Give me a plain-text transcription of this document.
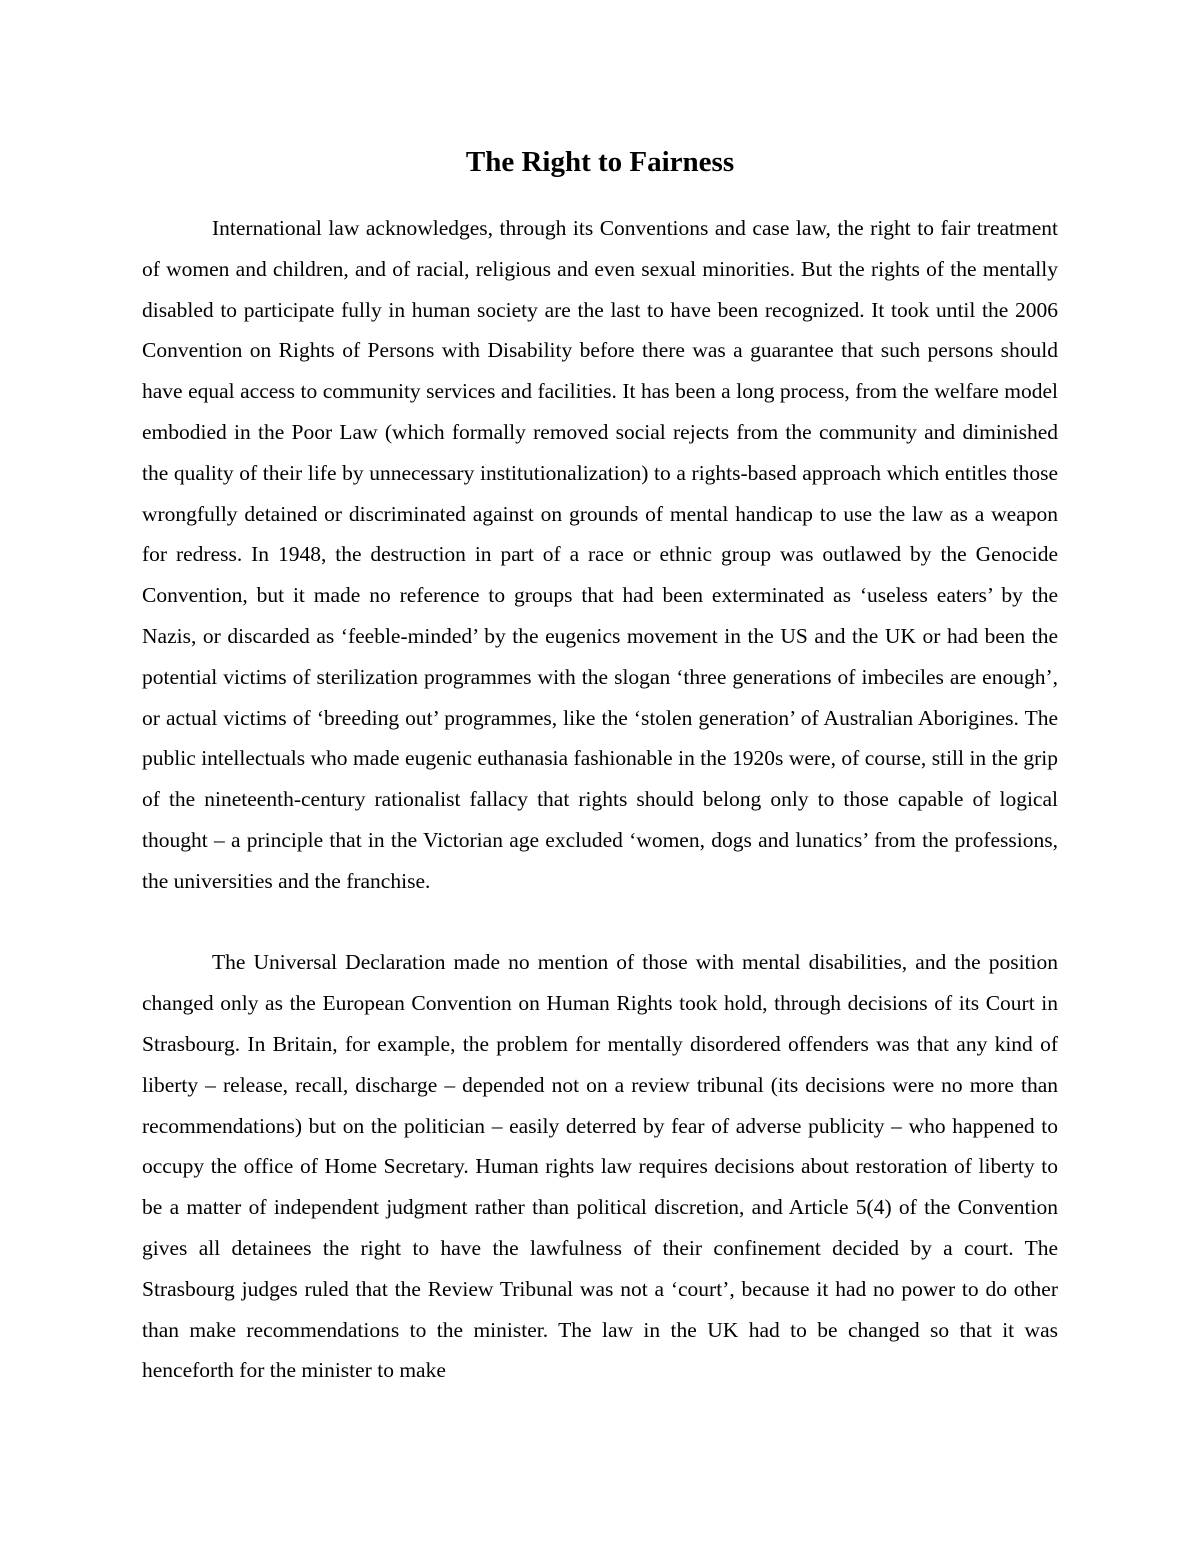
The Right to Fairness

International law acknowledges, through its Conventions and case law, the right to fair treatment of women and children, and of racial, religious and even sexual minorities. But the rights of the mentally disabled to participate fully in human society are the last to have been recognized. It took until the 2006 Convention on Rights of Persons with Disability before there was a guarantee that such persons should have equal access to community services and facilities. It has been a long process, from the welfare model embodied in the Poor Law (which formally removed social rejects from the community and diminished the quality of their life by unnecessary institutionalization) to a rights-based approach which entitles those wrongfully detained or discriminated against on grounds of mental handicap to use the law as a weapon for redress. In 1948, the destruction in part of a race or ethnic group was outlawed by the Genocide Convention, but it made no reference to groups that had been exterminated as ‘useless eaters’ by the Nazis, or discarded as ‘feeble-minded’ by the eugenics movement in the US and the UK or had been the potential victims of sterilization programmes with the slogan ‘three generations of imbeciles are enough’, or actual victims of ‘breeding out’ programmes, like the ‘stolen generation’ of Australian Aborigines. The public intellectuals who made eugenic euthanasia fashionable in the 1920s were, of course, still in the grip of the nineteenth-century rationalist fallacy that rights should belong only to those capable of logical thought – a principle that in the Victorian age excluded ‘women, dogs and lunatics’ from the professions, the universities and the franchise.

The Universal Declaration made no mention of those with mental disabilities, and the position changed only as the European Convention on Human Rights took hold, through decisions of its Court in Strasbourg. In Britain, for example, the problem for mentally disordered offenders was that any kind of liberty – release, recall, discharge – depended not on a review tribunal (its decisions were no more than recommendations) but on the politician – easily deterred by fear of adverse publicity – who happened to occupy the office of Home Secretary. Human rights law requires decisions about restoration of liberty to be a matter of independent judgment rather than political discretion, and Article 5(4) of the Convention gives all detainees the right to have the lawfulness of their confinement decided by a court. The Strasbourg judges ruled that the Review Tribunal was not a ‘court’, because it had no power to do other than make recommendations to the minister. The law in the UK had to be changed so that it was henceforth for the minister to make
